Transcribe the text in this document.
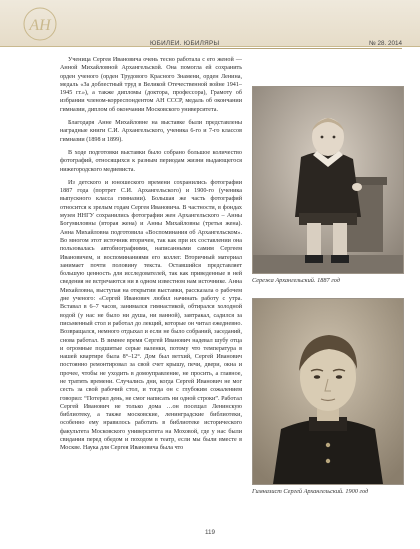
АН
ЮБИЛЕИ. ЮБИЛЯРЫ	№ 28. 2014

Ученица Сергея Ивановича очень тесно работала с его женой — Анной Михайловной Архангельской. Она помогла ей сохранить орден ученого (орден Трудового Красного Знамени, орден Ленина, медаль «За доблестный труд в Великой Отечественной войне 1941–1945 гг.»), а также дипломы (доктора, профессора), Грамоту об избрании членом-корреспондентом АН СССР, медаль об окончании гимназии, диплом об окончании Московского университета.

Благодаря Анне Михайловне на выставке были представлены наградные книги С.И. Архангельского, ученика 6-го и 7-го классов гимназии (1898 и 1899).

В ходе подготовки выставки было собрано большое количество фотографий, относящихся к разным периодам жизни выдающегося нижегородского медиевиста.

Из детского и юношеского времени сохранились фотографии 1887 года (портрет С.И. Архангельского) и 1900-го (ученика выпускного класса гимназии). Большая же часть фотографий относится к зрелым годам Сергея Ивановича. В частности, в фондах музея ННГУ сохранились фотографии жен Архангельского – Анны Богумиловны (вторая жена) и Анны Михайловны (третья жена). Анна Михайловна подготовила «Воспоминания об Архангельском». Во многом этот источник вторичен, так как при их составлении она пользовалась автобиографиями, написанными самим Сергеем Ивановичем, и воспоминаниями его коллег. Вторичный материал занимает почти половину текста. Оставшийся представляет большую ценность для исследователей, так как приведенные в ней сведения не встречаются ни в одном известном нам источнике. Анна Михайловна, выступая на открытии выставки, рассказала о рабочем дне ученого: «Сергей Иванович любил начинать работу с утра. Вставал в 6–7 часов, занимался гимнастикой, обтирался холодной водой (у нас не было ни душа, ни ванной), завтракал, садился за письменный стол и работал до лекций, которые он читал ежедневно. Возвращался, немного отдыхал и если не было собраний, заседаний, снова работал. В зимнее время Сергей Иванович надевал шубу отца и огромные подшитые серые валенки, потому что температура в нашей квартире была 8°–12°. Дом был ветхий, Сергей Иванович постоянно ремонтировал за свой счет крышу, печи, двери, окна и прочее, чтобы не уходить в домоуправление, не просить, а главное, не тратить времени. Случались дни, когда Сергей Иванович не мог сесть за свой рабочий стол, и тогда он с глубоким сожалением говорил: “Потерял день, не смог написать ни одной строки”. Работал Сергей Иванович не только дома …он посещал Ленинскую библиотеку, а также московские, ленинградские библиотеки, особенно ему нравилось работать в библиотеке исторического факультета Московского университета на Моховой, где у нас были свидания перед обедом и походом в театр, если мы были вместе в Москве. Наука для Сергея Ивановича была что

Сережа Архангельский. 1887 год
Гимназист Сергей Архангельский. 1900 год
119
